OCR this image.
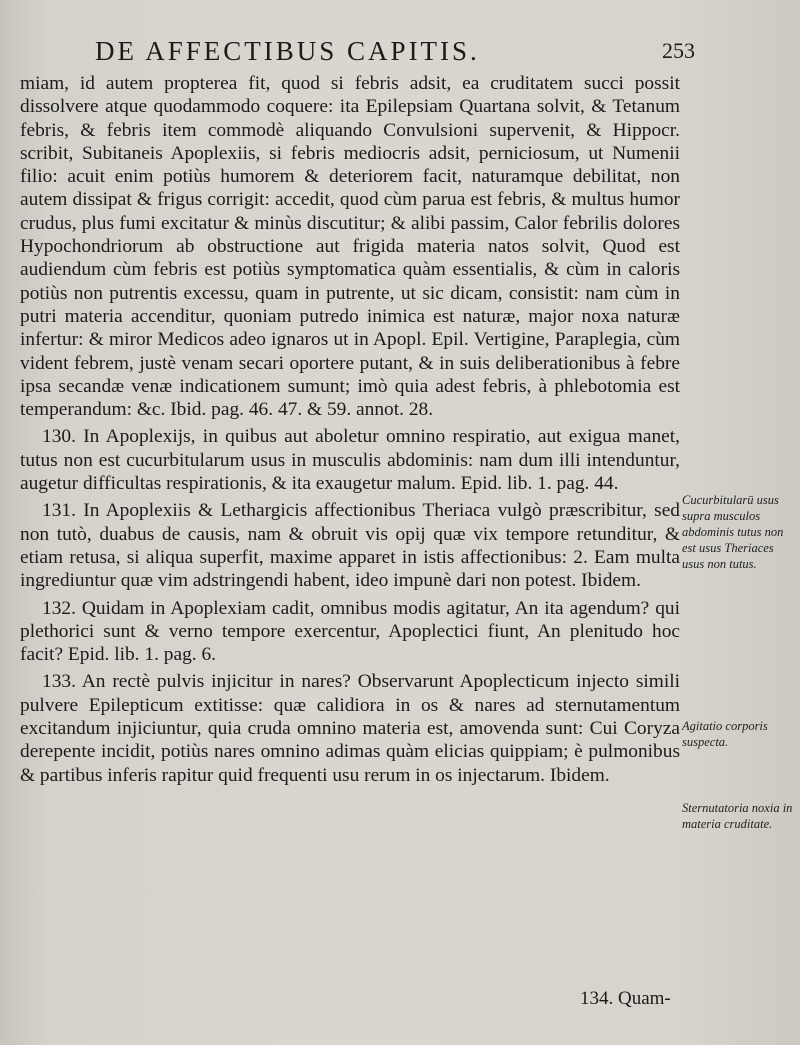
DE AFFECTIBUS CAPITIS.	253

miam, id autem propterea fit, quod si febris adsit, ea cruditatem succi possit dissolvere atque quodammodo coquere: ita Epilepsiam Quartana solvit, & Tetanum febris, & febris item commodè aliquando Convulsioni supervenit, & Hippocr. scribit, Subitaneis Apoplexiis, si febris mediocris adsit, perniciosum, ut Numenii filio: acuit enim potiùs humorem & deteriorem facit, naturamque debilitat, non autem dissipat & frigus corrigit: accedit, quod cùm parua est febris, & multus humor crudus, plus fumi excitatur & minùs discutitur; & alibi passim, Calor febrilis dolores Hypochondriorum ab obstructione aut frigida materia natos solvit, Quod est audiendum cùm febris est potiùs symptomatica quàm essentialis, & cùm in caloris potiùs non putrentis excessu, quam in putrente, ut sic dicam, consistit: nam cùm in putri materia accenditur, quoniam putredo inimica est naturæ, major noxa naturæ infertur: & miror Medicos adeo ignaros ut in Apopl. Epil. Vertigine, Paraplegia, cùm vident febrem, justè venam secari oportere putant, & in suis deliberationibus à febre ipsa secandæ venæ indicationem sumunt; imò quia adest febris, à phlebotomia est temperandum: &c. Ibid. pag. 46. 47. & 59. annot. 28.

130. In Apoplexijs, in quibus aut aboletur omnino respiratio, aut exigua manet, tutus non est cucurbitularum usus in musculis abdominis: nam dum illi intenduntur, augetur difficultas respirationis, & ita exaugetur malum. Epid. lib. 1. pag. 44.

131. In Apoplexiis & Lethargicis affectionibus Theriaca vulgò præscribitur, sed non tutò, duabus de causis, nam & obruit vis opij quæ vix tempore retunditur, & etiam retusa, si aliqua superfit, maxime apparet in istis affectionibus: 2. Eam multa ingrediuntur quæ vim adstringendi habent, ideo impunè dari non potest. Ibidem.

132. Quidam in Apoplexiam cadit, omnibus modis agitatur, An ita agendum? qui plethorici sunt & verno tempore exercentur, Apoplectici fiunt, An plenitudo hoc facit? Epid. lib. 1. pag. 6.

133. An rectè pulvis injicitur in nares? Observarunt Apoplecticum injecto simili pulvere Epilepticum extitisse: quæ calidiora in os & nares ad sternutamentum excitandum injiciuntur, quia cruda omnino materia est, amovenda sunt: Cui Coryza derepente incidit, potiùs nares omnino adimas quàm elicias quippiam; è pulmonibus & partibus inferis rapitur quid frequenti usu rerum in os injectarum. Ibidem.

Cucurbitularū usus supra musculos abdominis tutus non est usus Theriaces usus non tutus.
Agitatio corporis suspecta.
Sternutatoria noxia in materia cruditate.
134. Quam-
